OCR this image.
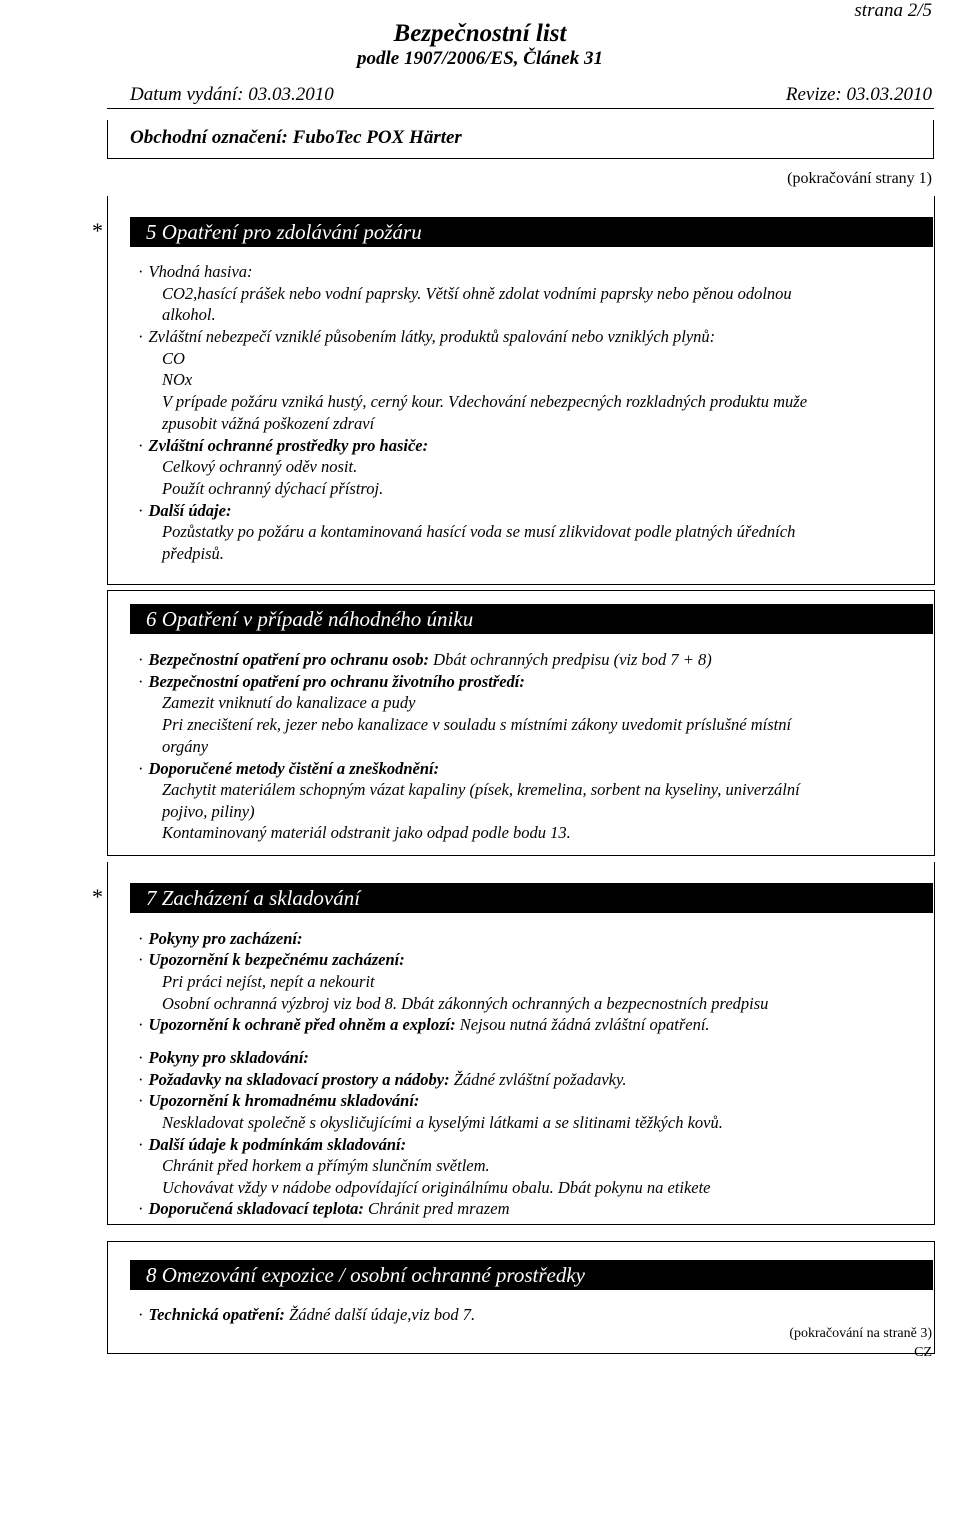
strana 2/5
Bezpečnostní list
podle 1907/2006/ES, Článek 31
Datum vydání: 03.03.2010	Revize: 03.03.2010
Obchodní označení: FuboTec POX Härter
(pokračování strany 1)
*	5 Opatření pro zdolávání požáru
· Vhodná hasiva:
CO2,hasící prášek nebo vodní paprsky. Větší ohně zdolat vodními paprsky nebo pěnou odolnou
alkohol.
· Zvláštní nebezpečí vzniklé působením látky, produktů spalování nebo vzniklých plynů:
CO
NOx
V prípade požáru vzniká hustý, cerný kour. Vdechování nebezpecných rozkladných produktu muže
zpusobit vážná poškození zdraví
· Zvláštní ochranné prostředky pro hasiče:
Celkový ochranný oděv nosit.
Použít ochranný dýchací přístroj.
· Další údaje:
Pozůstatky po požáru a kontaminovaná hasící voda se musí zlikvidovat podle platných úředních
předpisů.
6 Opatření v případě náhodného úniku
· Bezpečnostní opatření pro ochranu osob: Dbát ochranných predpisu (viz bod 7 + 8)
· Bezpečnostní opatření pro ochranu životního prostředí:
Zamezit vniknutí do kanalizace a pudy
Pri znecištení rek, jezer nebo kanalizace v souladu s místními zákony uvedomit príslušné místní
orgány
· Doporučené metody čistění a zneškodnění:
Zachytit materiálem schopným vázat kapaliny (písek, kremelina, sorbent na kyseliny, univerzální
pojivo, piliny)
Kontaminovaný materiál odstranit jako odpad podle bodu 13.
*	7 Zacházení a skladování
· Pokyny pro zacházení:
· Upozornění k bezpečnému zacházení:
Pri práci nejíst, nepít a nekourit
Osobní ochranná výzbroj viz bod 8. Dbát zákonných ochranných a bezpecnostních predpisu
· Upozornění k ochraně před ohněm a explozí: Nejsou nutná žádná zvláštní opatření.
· Pokyny pro skladování:
· Požadavky na skladovací prostory a nádoby: Žádné zvláštní požadavky.
· Upozornění k hromadnému skladování:
Neskladovat společně s okysličujícími a kyselými látkami a se slitinami těžkých kovů.
· Další údaje k podmínkám skladování:
Chránit před horkem a přímým slunčním světlem.
Uchovávat vždy v nádobe odpovídající originálnímu obalu. Dbát pokynu na etikete
· Doporučená skladovací teplota: Chránit pred mrazem
8 Omezování expozice / osobní ochranné prostředky
· Technická opatření: Žádné další údaje,viz bod 7.
(pokračování na straně 3)
CZ
